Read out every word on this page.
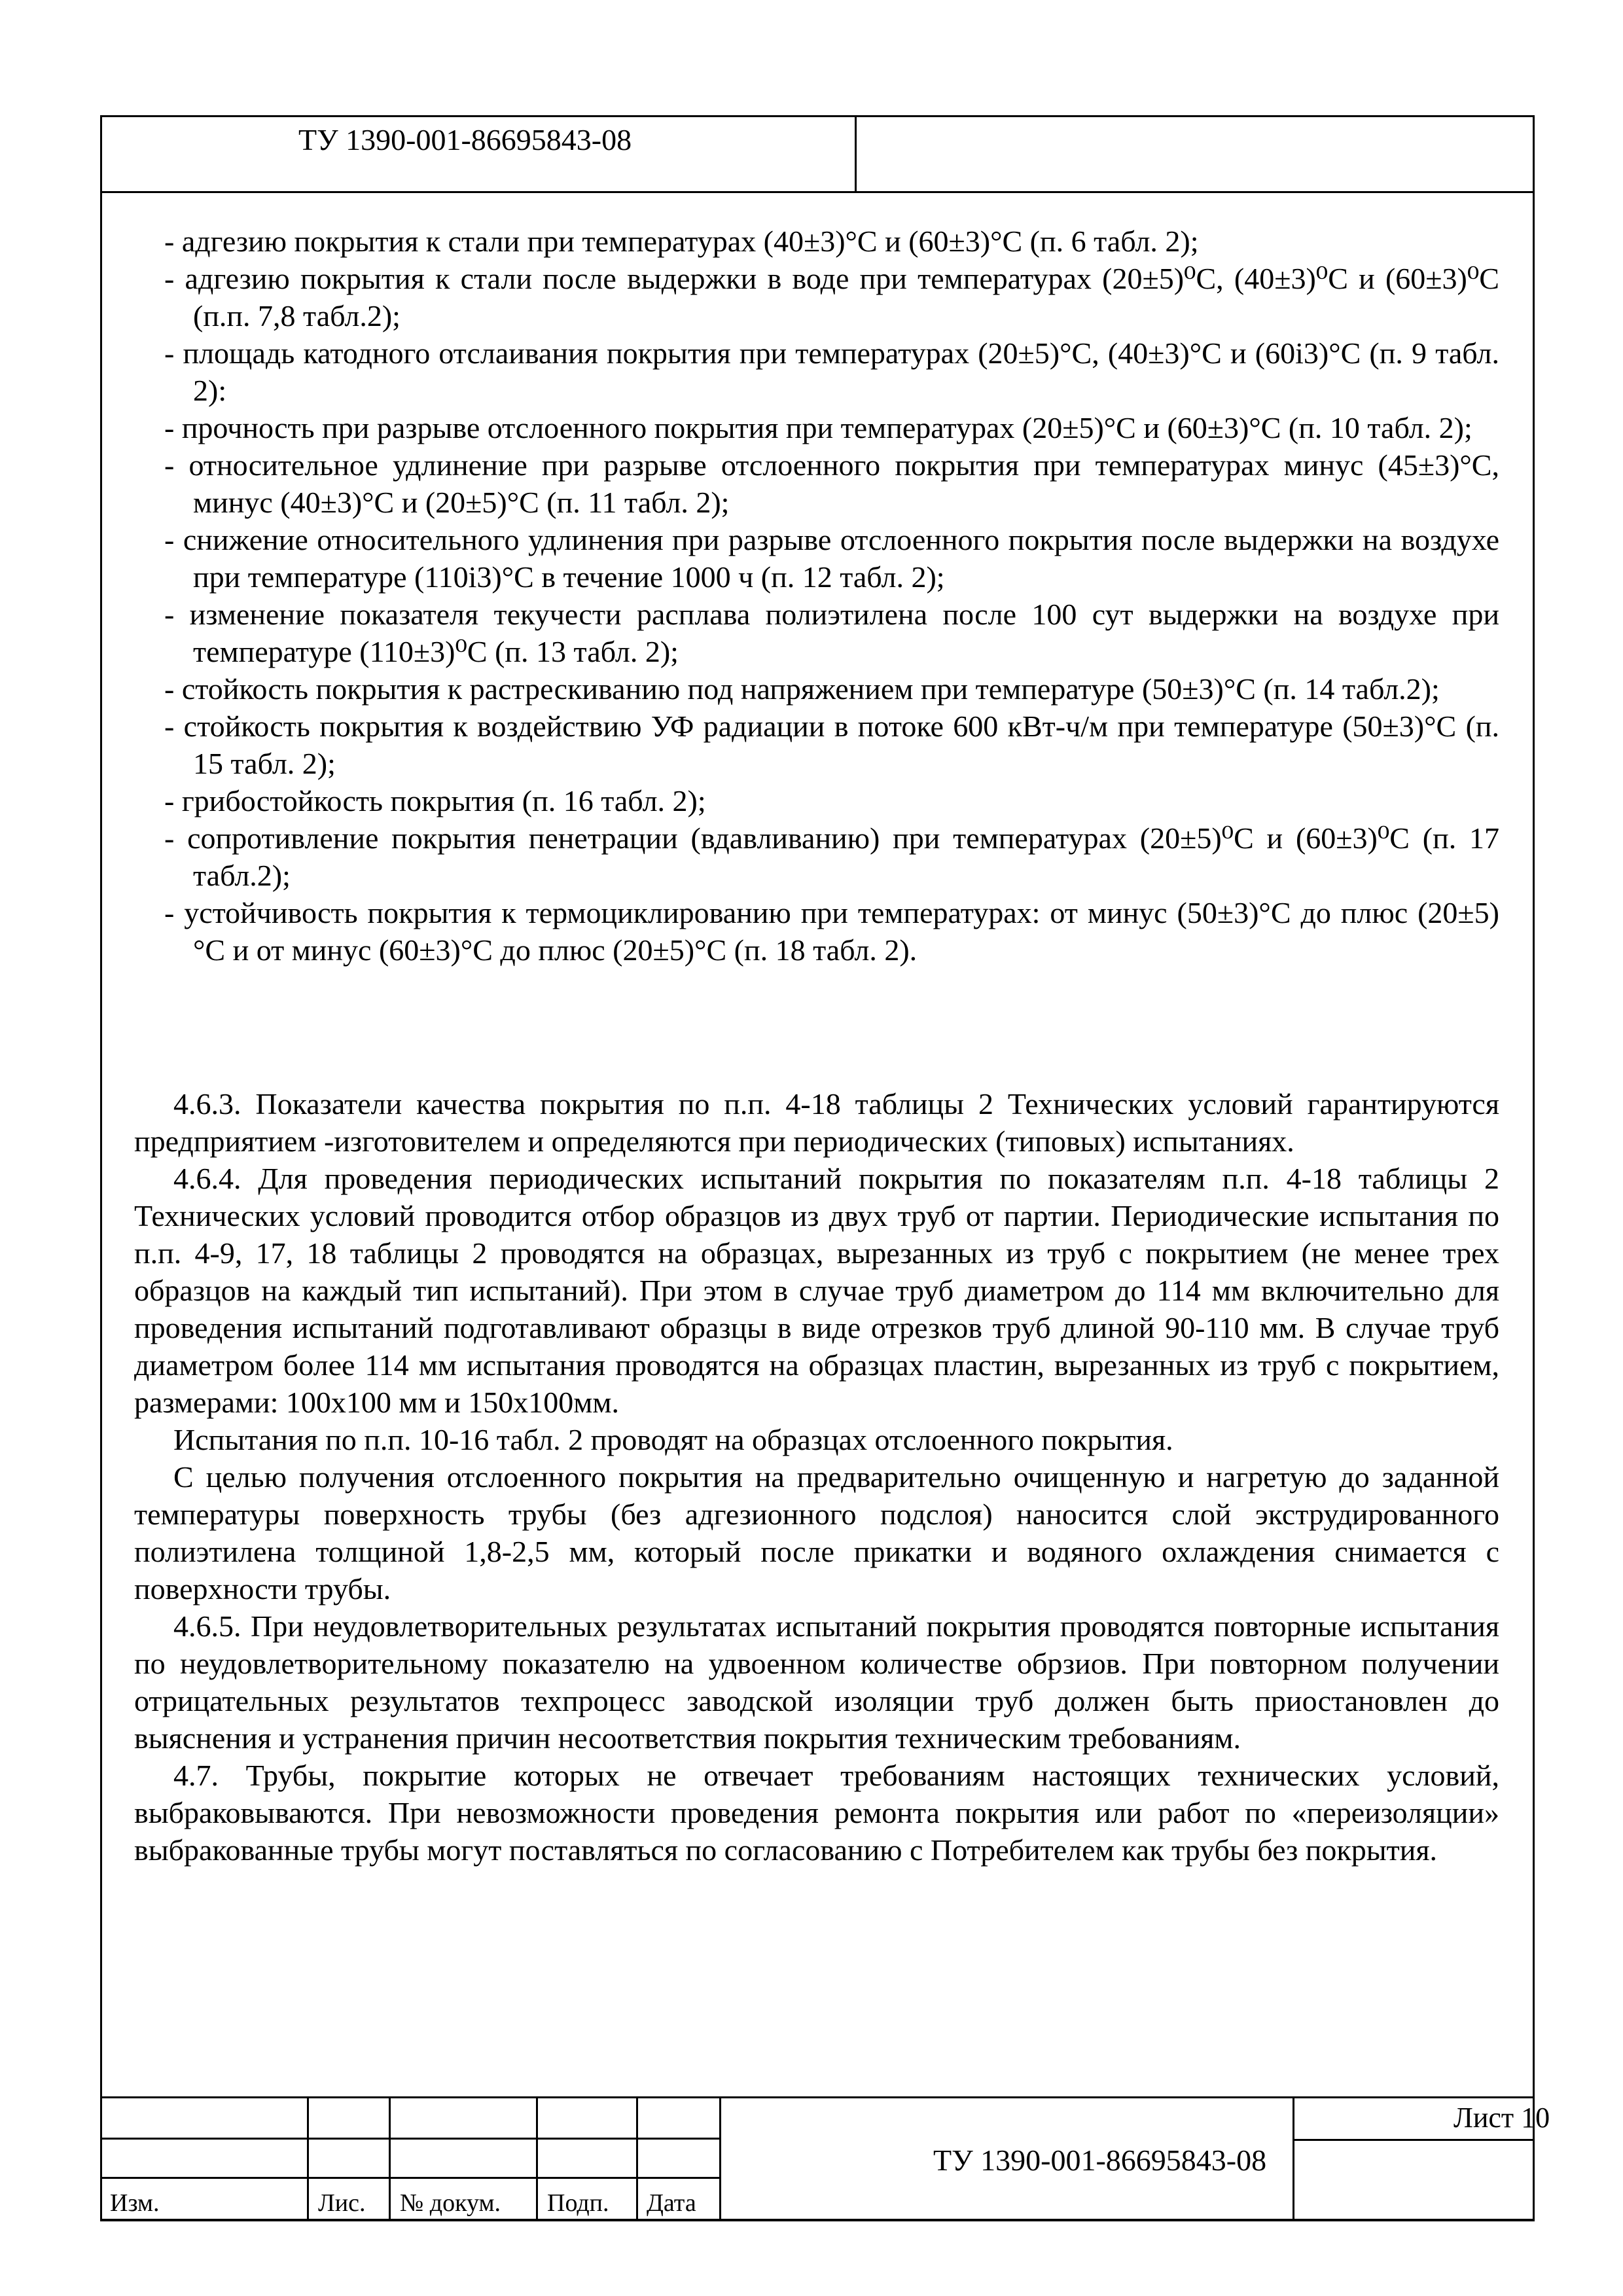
ТУ 1390-001-86695843-08

- адгезию покрытия к стали при температурах (40±3)°С и (60±3)°С (п. 6 табл. 2);

- адгезию покрытия к стали после выдержки в воде при температурах (20±5)⁰С, (40±3)⁰С и (60±3)⁰С (п.п. 7,8 табл.2);

- площадь катодного отслаивания покрытия при температурах (20±5)°С, (40±3)°С и (60і3)°С (п. 9 табл. 2):

- прочность при разрыве отслоенного покрытия при температурах (20±5)°С и (60±3)°С (п. 10 табл. 2);

- относительное удлинение при разрыве отслоенного покрытия при температурах минус (45±3)°С, минус (40±3)°С и (20±5)°С (п. 11 табл. 2);

- снижение относительного удлинения при разрыве отслоенного покрытия после выдержки на воздухе при температуре (110і3)°С в течение 1000 ч (п. 12 табл. 2);

- изменение показателя текучести расплава полиэтилена после 100 сут выдержки на воздухе при температуре (110±3)⁰С (п. 13 табл. 2);

- стойкость покрытия к растрескиванию под напряжением при температуре (50±3)°С (п. 14 табл.2);

- стойкость покрытия к воздействию УФ радиации в потоке 600 кВт-ч/м при температуре (50±3)°С (п. 15 табл. 2);

- грибостойкость покрытия (п. 16 табл. 2);

- сопротивление покрытия пенетрации (вдавливанию) при температурах (20±5)⁰С и (60±3)⁰С (п. 17 табл.2);

- устойчивость покрытия к термоциклированию при температурах: от минус (50±3)°С до плюс (20±5)°С и от минус (60±3)°С до плюс (20±5)°С (п. 18 табл. 2).

4.6.3. Показатели качества покрытия по п.п. 4-18 таблицы 2 Технических условий гарантируются предприятием -изготовителем и определяются при периодических (типовых) испытаниях.

4.6.4. Для проведения периодических испытаний покрытия по показателям п.п. 4-18 таблицы 2 Технических условий проводится отбор образцов из двух труб от партии. Периодические испытания по п.п. 4-9, 17, 18 таблицы 2 проводятся на образцах, вырезанных из труб с покрытием (не менее трех образцов на каждый тип испытаний). При этом в случае труб диаметром до 114 мм включительно для проведения испытаний подготавливают образцы в виде отрезков труб длиной 90-110 мм. В случае труб диаметром более 114 мм испытания проводятся на образцах пластин, вырезанных из труб с покрытием, размерами: 100х100 мм и 150х100мм.

Испытания по п.п. 10-16 табл. 2 проводят на образцах отслоенного покрытия.

С целью получения отслоенного покрытия на предварительно очищенную и нагретую до заданной температуры поверхность трубы (без адгезионного подслоя) наносится слой экструдированного полиэтилена толщиной 1,8-2,5 мм, который после прикатки и водяного охлаждения снимается с поверхности трубы.

4.6.5. При неудовлетворительных результатах испытаний покрытия проводятся повторные испытания по неудовлетворительному показателю на удвоенном количестве обрзиов. При повторном получении отрицательных результатов техпроцесс заводской изоляции труб должен быть приостановлен до выяснения и устранения причин несоответствия покрытия техническим требованиям.

4.7. Трубы, покрытие которых не отвечает требованиям настоящих технических условий, выбраковываются. При невозможности проведения ремонта покрытия или работ по «переизоляции» выбракованные трубы могут поставляться по согласованию с Потребителем как трубы без покрытия.

Изм.	Лис. № докум. Подп. Дата
ТУ 1390-001-86695843-08
Лист 10
